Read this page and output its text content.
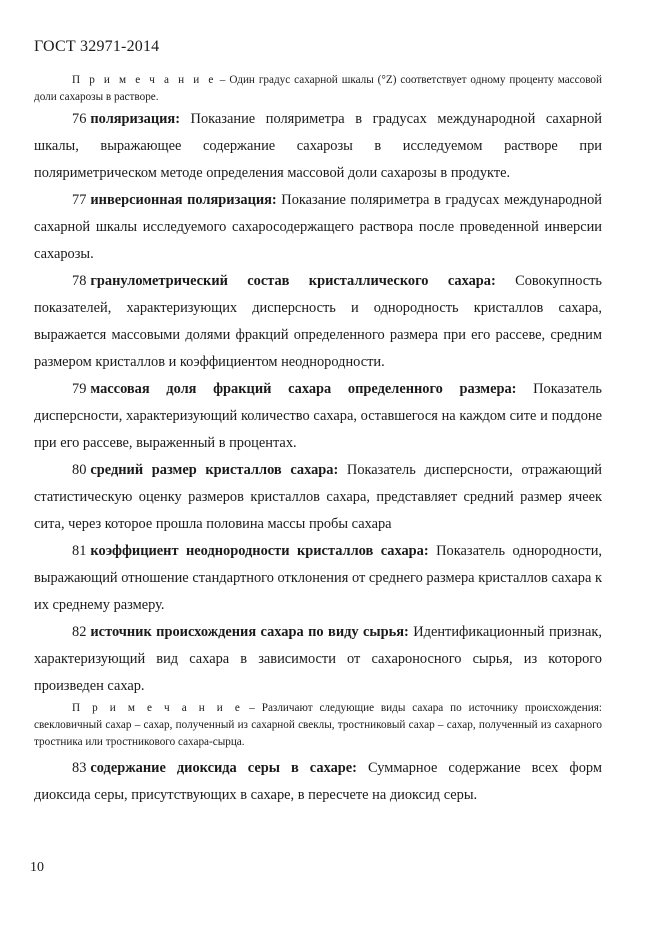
ГОСТ 32971-2014

П р и м е ч а н и е – Один градус сахарной шкалы (°Z) соответствует одному проценту массовой доли сахарозы в растворе.

76 поляризация: Показание поляриметра в градусах международной сахарной шкалы, выражающее содержание сахарозы в исследуемом растворе при поляриметрическом методе определения массовой доли сахарозы в продукте.

77 инверсионная поляризация: Показание поляриметра в градусах международной сахарной шкалы исследуемого сахаросодержащего раствора после проведенной инверсии сахарозы.

78 гранулометрический состав кристаллического сахара: Совокупность показателей, характеризующих дисперсность и однородность кристаллов сахара, выражается массовыми долями фракций определенного размера при его рассеве, средним размером кристаллов и коэффициентом неоднородности.

79 массовая доля фракций сахара определенного размера: Показатель дисперсности, характеризующий количество сахара, оставшегося на каждом сите и поддоне при его рассеве, выраженный в процентах.

80 средний размер кристаллов сахара: Показатель дисперсности, отражающий статистическую оценку размеров кристаллов сахара, представляет средний размер ячеек сита, через которое прошла половина массы пробы сахара

81 коэффициент неоднородности кристаллов сахара: Показатель однородности, выражающий отношение стандартного отклонения от среднего размера кристаллов сахара к их среднему размеру.

82 источник происхождения сахара по виду сырья: Идентификационный признак, характеризующий вид сахара в зависимости от сахароносного сырья, из которого произведен сахар.

П р и м е ч а н и е – Различают следующие виды сахара по источнику происхождения: свекловичный сахар – сахар, полученный из сахарной свеклы, тростниковый сахар – сахар, полученный из сахарного тростника или тростникового сахара-сырца.

83 содержание диоксида серы в сахаре: Суммарное содержание всех форм диоксида серы, присутствующих в сахаре, в пересчете на диоксид серы.

10
